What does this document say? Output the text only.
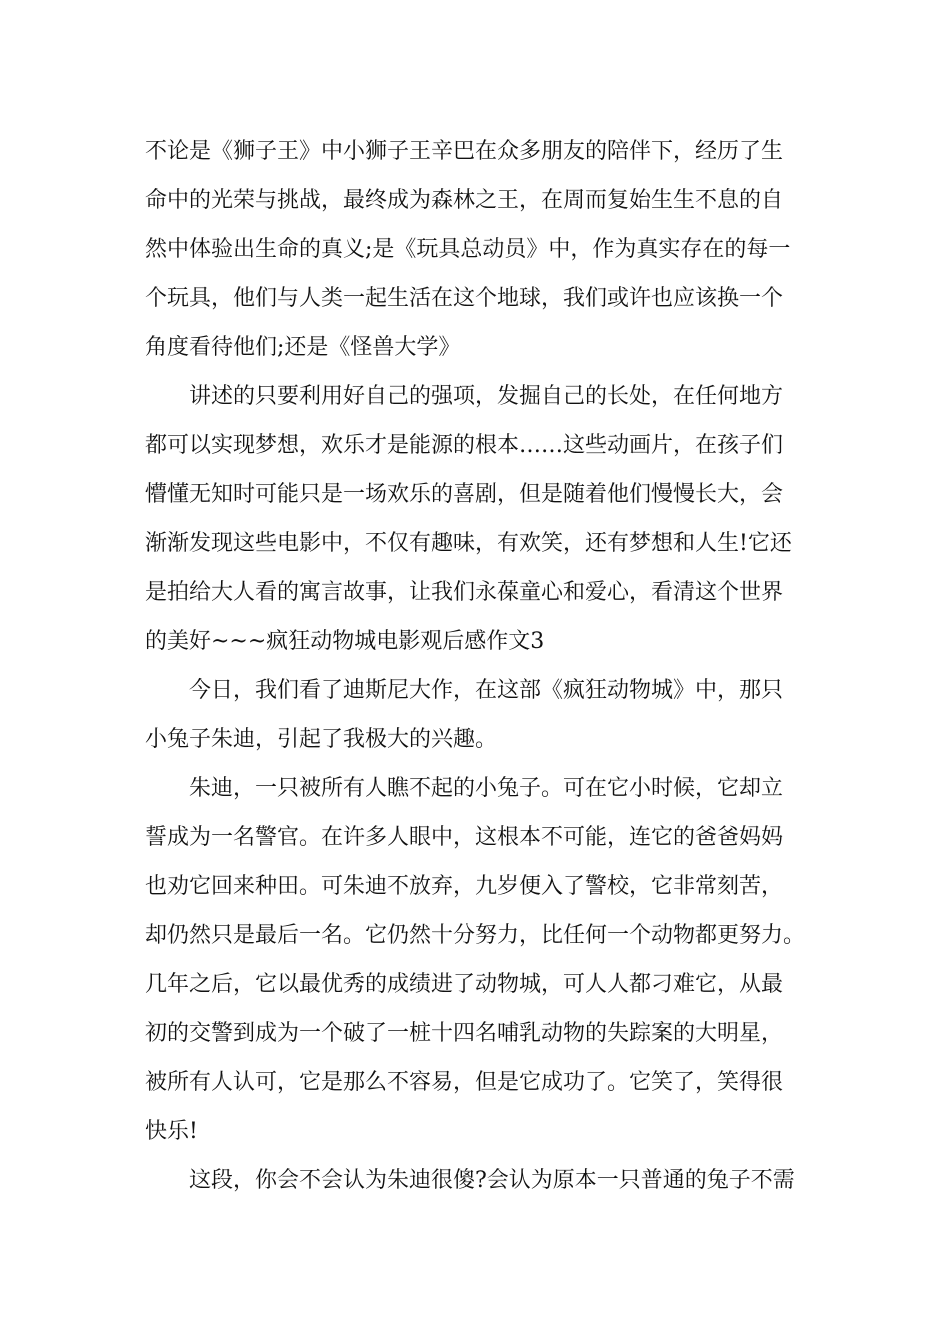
不论是《狮子王》中小狮子王辛巴在众多朋友的陪伴下，经历了生
命中的光荣与挑战，最终成为森林之王，在周而复始生生不息的自
然中体验出生命的真义;是《玩具总动员》中，作为真实存在的每一
个玩具，他们与人类一起生活在这个地球，我们或许也应该换一个
角度看待他们;还是《怪兽大学》
讲述的只要利用好自己的强项，发掘自己的长处，在任何地方
都可以实现梦想，欢乐才是能源的根本……这些动画片，在孩子们
懵懂无知时可能只是一场欢乐的喜剧，但是随着他们慢慢长大，会
渐渐发现这些电影中，不仅有趣味，有欢笑，还有梦想和人生!它还
是拍给大人看的寓言故事，让我们永葆童心和爱心，看清这个世界
的美好~~~疯狂动物城电影观后感作文3
今日，我们看了迪斯尼大作，在这部《疯狂动物城》中，那只
小兔子朱迪，引起了我极大的兴趣。
朱迪，一只被所有人瞧不起的小兔子。可在它小时候，它却立
誓成为一名警官。在许多人眼中，这根本不可能，连它的爸爸妈妈
也劝它回来种田。可朱迪不放弃，九岁便入了警校，它非常刻苦，
却仍然只是最后一名。它仍然十分努力，比任何一个动物都更努力。
几年之后，它以最优秀的成绩进了动物城，可人人都刁难它，从最
初的交警到成为一个破了一桩十四名哺乳动物的失踪案的大明星，
被所有人认可，它是那么不容易，但是它成功了。它笑了，笑得很
快乐!
这段，你会不会认为朱迪很傻?会认为原本一只普通的兔子不需
